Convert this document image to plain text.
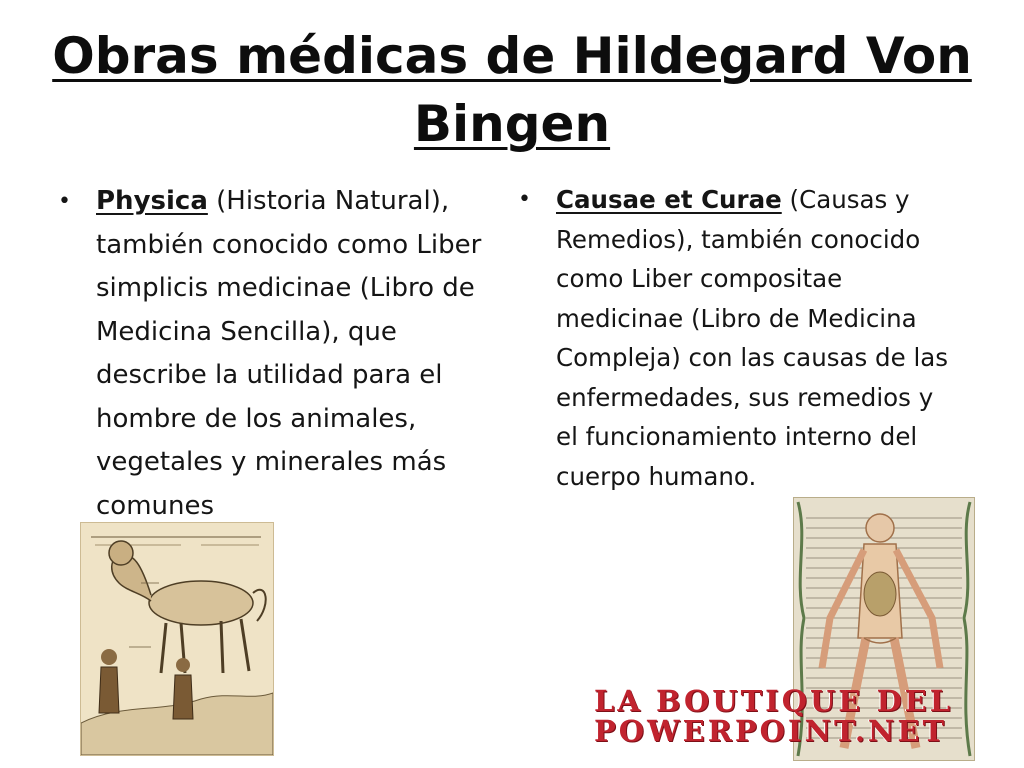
Obras médicas de Hildegard Von Bingen
• Physica (Historia Natural), también conocido como Liber simplicis medicinae (Libro de Medicina Sencilla), que describe la utilidad para el hombre de los animales, vegetales y minerales más comunes
• Causae et Curae (Causas y Remedios), también conocido como Liber compositae medicinae (Libro de Medicina Compleja) con las causas de las enfermedades, sus remedios y el funcionamiento interno del cuerpo humano.
LA BOUTIQUE DEL
POWERPOINT.NET
